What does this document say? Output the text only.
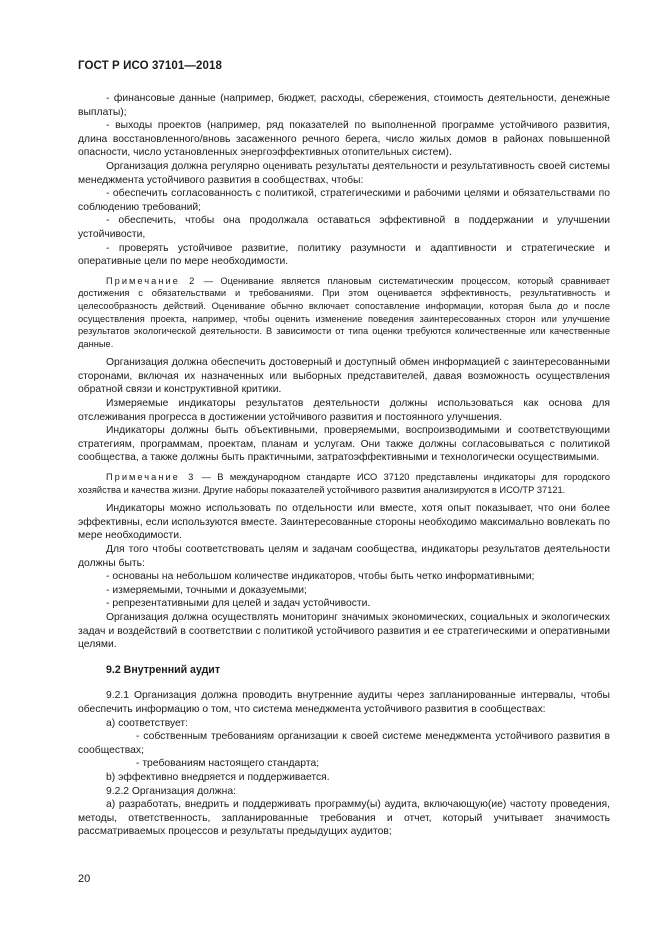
ГОСТ Р ИСО 37101—2018

- финансовые данные (например, бюджет, расходы, сбережения, стоимость деятельности, денежные выплаты);

- выходы проектов (например, ряд показателей по выполненной программе устойчивого развития, длина восстановленного/вновь засаженного речного берега, число жилых домов в районах повышенной опасности, число установленных энергоэффективных отопительных систем).

Организация должна регулярно оценивать результаты деятельности и результативность своей системы менеджмента устойчивого развития в сообществах, чтобы:

- обеспечить согласованность с политикой, стратегическими и рабочими целями и обязательствами по соблюдению требований;

- обеспечить, чтобы она продолжала оставаться эффективной в поддержании и улучшении устойчивости,

- проверять устойчивое развитие, политику разумности и адаптивности и стратегические и оперативные цели по мере необходимости.

Примечание 2 — Оценивание является плановым систематическим процессом, который сравнивает достижения с обязательствами и требованиями. При этом оценивается эффективность, результативность и целесообразность действий. Оценивание обычно включает сопоставление информации, которая была до и после осуществления проекта, например, чтобы оценить изменение поведения заинтересованных сторон или улучшение результатов экологической деятельности. В зависимости от типа оценки требуются количественные или качественные данные.

Организация должна обеспечить достоверный и доступный обмен информацией с заинтересованными сторонами, включая их назначенных или выборных представителей, давая возможность осуществления обратной связи и конструктивной критики.

Измеряемые индикаторы результатов деятельности должны использоваться как основа для отслеживания прогресса в достижении устойчивого развития и постоянного улучшения.

Индикаторы должны быть объективными, проверяемыми, воспроизводимыми и соответствующими стратегиям, программам, проектам, планам и услугам. Они также должны согласовываться с политикой сообщества, а также должны быть практичными, затратоэффективными и технологически осуществимыми.

Примечание 3 — В международном стандарте ИСО 37120 представлены индикаторы для городского хозяйства и качества жизни. Другие наборы показателей устойчивого развития анализируются в ИСО/ТР 37121.

Индикаторы можно использовать по отдельности или вместе, хотя опыт показывает, что они более эффективны, если используются вместе. Заинтересованные стороны необходимо максимально вовлекать по мере необходимости.

Для того чтобы соответствовать целям и задачам сообщества, индикаторы результатов деятельности должны быть:

- основаны на небольшом количестве индикаторов, чтобы быть четко информативными;

- измеряемыми, точными и доказуемыми;

- репрезентативными для целей и задач устойчивости.

Организация должна осуществлять мониторинг значимых экономических, социальных и экологических задач и воздействий в соответствии с политикой устойчивого развития и ее стратегическими и оперативными целями.

9.2 Внутренний аудит

9.2.1 Организация должна проводить внутренние аудиты через запланированные интервалы, чтобы обеспечить информацию о том, что система менеджмента устойчивого развития в сообществах:

a) соответствует:

- собственным требованиям организации к своей системе менеджмента устойчивого развития в сообществах;

- требованиям настоящего стандарта;

b) эффективно внедряется и поддерживается.

9.2.2 Организация должна:

a) разработать, внедрить и поддерживать программу(ы) аудита, включающую(ие) частоту проведения, методы, ответственность, запланированные требования и отчет, который учитывает значимость рассматриваемых процессов и результаты предыдущих аудитов;

20
